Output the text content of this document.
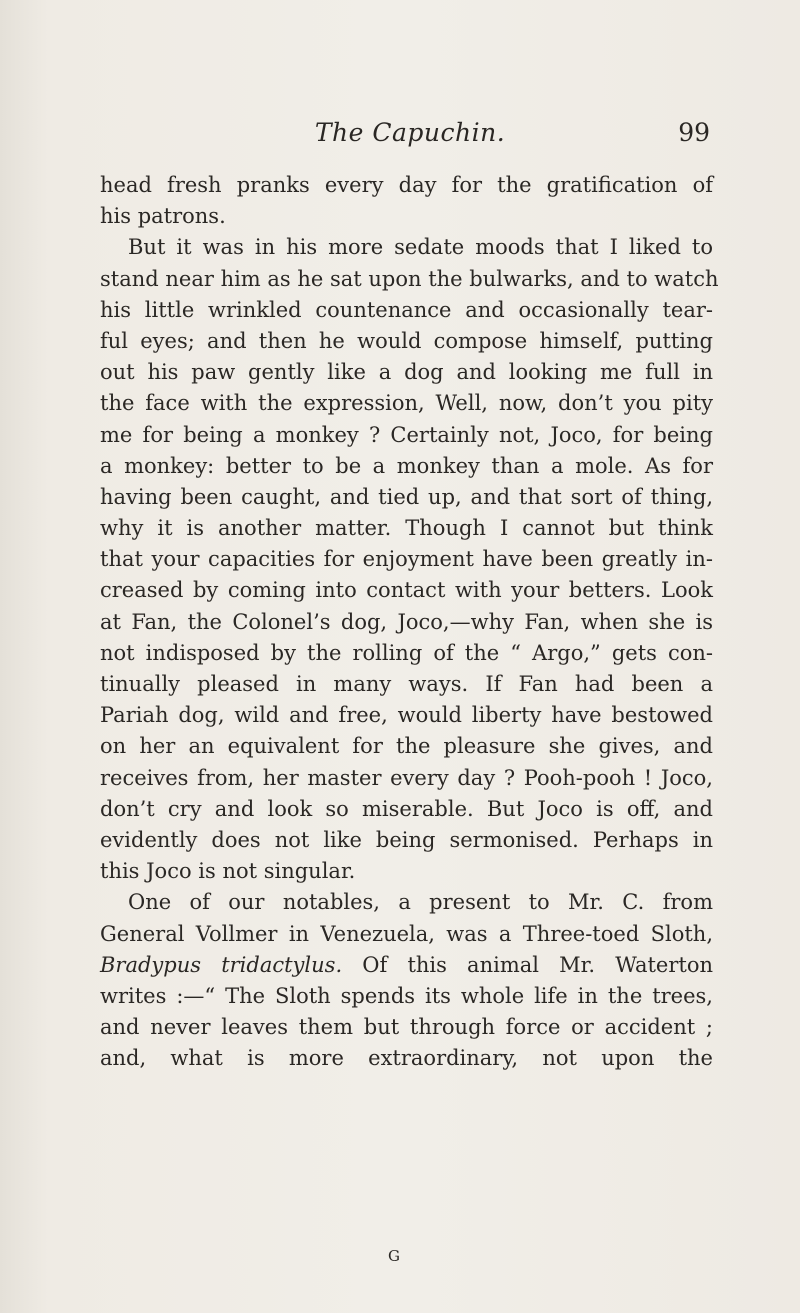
The Capuchin.	99
head fresh pranks every day for the gratification of
his patrons.
But it was in his more sedate moods that I liked to
stand near him as he sat upon the bulwarks, and to watch
his little wrinkled countenance and occasionally tear-
ful eyes; and then he would compose himself, putting
out his paw gently like a dog and looking me full in
the face with the expression, Well, now, don’t you pity
me for being a monkey ? Certainly not, Joco, for being
a monkey: better to be a monkey than a mole. As for
having been caught, and tied up, and that sort of thing,
why it is another matter. Though I cannot but think
that your capacities for enjoyment have been greatly in-
creased by coming into contact with your betters. Look
at Fan, the Colonel’s dog, Joco,—why Fan, when she is
not indisposed by the rolling of the “ Argo,” gets con-
tinually pleased in many ways. If Fan had been a
Pariah dog, wild and free, would liberty have bestowed
on her an equivalent for the pleasure she gives, and
receives from, her master every day ? Pooh-pooh ! Joco,
don’t cry and look so miserable. But Joco is off, and
evidently does not like being sermonised. Perhaps in
this Joco is not singular.
One of our notables, a present to Mr. C. from
General Vollmer in Venezuela, was a Three-toed Sloth,
Bradypus tridactylus. Of this animal Mr. Waterton
writes :—“ The Sloth spends its whole life in the trees,
and never leaves them but through force or accident ;
and, what is more extraordinary, not upon the
G
